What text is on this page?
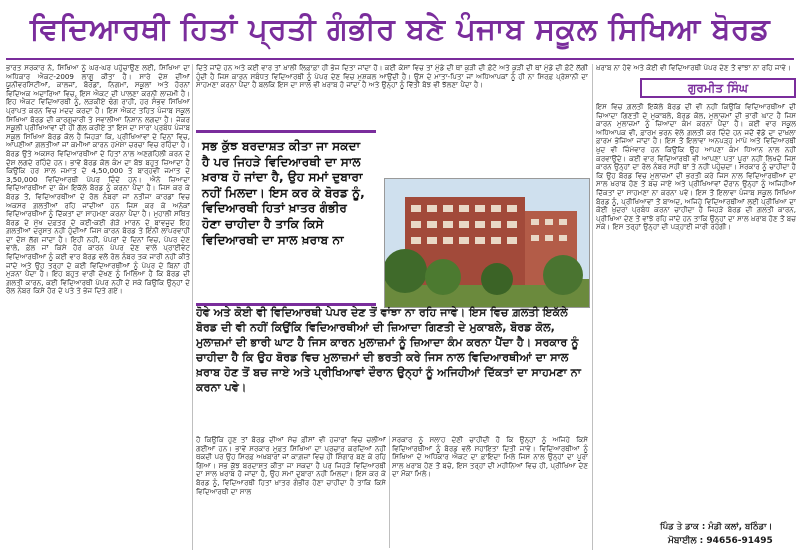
ਵਿਦਿਆਰਥੀ ਹਿਤਾਂ ਪ੍ਰਤੀ ਗੰਭੀਰ ਬਣੇ ਪੰਜਾਬ ਸਕੂਲ ਸਿਖਿਆ ਬੋਰਡ
ਭਾਰਤ ਸਰਕਾਰ ਨੇ, ਸਿਖਿਆ ਨੂੰ ਘਰ-ਘਰ ਪਹੁੰਚਾਉਣ ਲਈ, ਸਿਖਿਆ ਦਾ ਅਧਿਕਾਰ ਐਕਟ-2009 ਲਾਗੂ ਕੀਤਾ ਹੈ। ਸਾਰੇ ਦੇਸ਼ ਦੀਆਂ ਯੂਨੀਵਰਸਿਟੀਆਂ, ਕਾਲਜਾਂ, ਬੋਰਡਾਂ, ਨਿਗਮਾਂ, ਸਕੂਲਾਂ ਅਤੇ ਹੋਰਨਾਂ ਵਿਦਿਅਕ ਅਦਾਰਿਆਂ ਵਿਚ, ਇਸ ਐਕਟ ਦੀ ਪਾਲਣਾ ਕਰਨੀ ਲਾਜ਼ਮੀ ਹੈ। ਇਹ ਐਕਟ ਵਿਦਿਆਰਥੀ ਨੂੰ, ਲੜਕੀਏ ਢੰਗ ਰਾਹੀਂ, ਹਰ ਸੰਭਵ ਸਿਖਿਆ ਪ੍ਰਾਪਤ ਕਰਨ ਵਿਚ ਮਦਦ ਕਰਦਾ ਹੈ। ਇਸ ਐਕਟ ਤਹਿਤ ਪੰਜਾਬ ਸਕੂਲ ਸਿਖਿਆ ਬੋਰਡ ਦੀ ਕਾਰਗੁਜ਼ਾਰੀ ਤੇ ਸਵਾਲੀਆ ਨਿਸ਼ਾਨ ਲਗਦਾ ਹੈ। ਜੇਕਰ ਸਕੂਲੀ ਪ੍ਰੀਖਿਆਵਾਂ ਦੀ ਹੀ ਗੱਲ ਕਰੀਏ ਤਾਂ ਇਸ ਦਾ ਸਾਰਾ ਪ੍ਰਬੰਧ ਪੰਜਾਬ ਸਕੂਲ ਸਿਖਿਆ ਬੋਰਡ ਕੋਲ ਹੈ ਜਿਹੜਾ ਕਿ, ਪ੍ਰੀਖਿਆਵਾਂ ਦੇ ਦਿਨਾਂ ਵਿਚ, ਆਪਣੀਆਂ ਗ਼ਲਤੀਆਂ ਜਾਂ ਕਮੀਆਂ ਕਾਰਨ ਹਮੇਸ਼ਾ ਚਰਚਾ ਵਿਚ ਰਹਿੰਦਾ ਹੈ। ਬੋਰਡ ਉਤੇ ਅਕਸਰ ਵਿਦਿਆਰਥੀਆਂ ਦੇ ਹਿਤਾਂ ਨਾਲ ਅਣਗਹਿਲੀ ਕਰਨ ਦੇ ਦੋਸ਼ ਲਗਦੇ ਰਹਿੰਦੇ ਹਨ। ਭਾਵੇਂ ਬੋਰਡ ਕੋਲ ਕੰਮ ਦਾ ਬੋਝ ਬਹੁਤ ਜ਼ਿਆਦਾ ਹੈ ਕਿਉਂਕਿ ਹਰ ਸਾਲ ਜਮਾਤ ਦੇ 4,50,000 ਤੇ ਬਾਰ੍ਹਵੀਂ ਜਮਾਤ ਦੇ 3,50,000 ਵਿਦਿਆਰਥੀ ਪੇਪਰ ਦਿੰਦੇ ਹਨ। ਐਨੇ ਜ਼ਿਆਦਾ ਵਿਦਿਆਰਥੀਆਂ ਦਾ ਕੰਮ ਇਕੱਲੇ ਬੋਰਡ ਨੂੰ ਕਰਨਾ ਪੈਂਦਾ ਹੈ। ਜਿਸ ਕਰ ਕੇ ਬੋਰਡ ਤੋਂ, ਵਿਦਿਆਰਥੀਆਂ ਦੇ ਰੋਲ ਨੰਬਰਾਂ ਜਾਂ ਨਤੀਜਾ ਕਾਰਡਾਂ ਵਿਚ ਅਕਸਰ ਗ਼ਲਤੀਆਂ ਰਹਿ ਜਾਂਦੀਆਂ ਹਨ ਜਿਸ ਕਰ ਕੇ ਅਨੇਕਾਂ ਵਿਦਿਆਰਥੀਆਂ ਨੂੰ ਦਿੱਕਤਾਂ ਦਾ ਸਾਹਮਣਾ ਕਰਨਾ ਪੈਂਦਾ ਹੈ। ਮੁਹਾਲੀ ਸਥਿਤ ਬੋਰਡ ਦੇ ਮੁੱਖ ਦਫ਼ਤਰ ਦੇ ਕਈ-ਕਈ ਗੇੜੇ ਮਾਰਨ ਦੇ ਬਾਵਜੂਦ ਇਹ ਗ਼ਲਤੀਆਂ ਦਰੁਸਤ ਨਹੀਂ ਹੁੰਦੀਆਂ ਜਿਸ ਕਾਰਨ ਬੋਰਡ ਤੇ ਇੰਨੀ ਲਾਪਰਵਾਹੀ ਦਾ ਦੋਸ਼ ਲੱਗ ਜਾਂਦਾ ਹੈ। ਇਹੀ ਨਹੀਂ, ਪੇਪਰਾਂ ਦੇ ਦਿਨਾਂ ਵਿਚ, ਪੇਪਰ ਦੇਣ ਵਾਲੇ, ਫ਼ੇਲ ਜਾਂ ਕਿਸੇ ਹੋਰ ਕਾਰਨ ਪੇਪਰ ਦੇਣ ਵਾਲੇ ਪ੍ਰਾਈਵੇਟ ਵਿਦਿਆਰਥੀਆਂ ਨੂੰ ਕਈ ਵਾਰ ਬੋਰਡ ਵਲੋਂ ਰੋਲ ਨੰਬਰ ਤਕ ਜਾਰੀ ਨਹੀਂ ਕੀਤੇ ਜਾਂਦੇ ਅਤੇ ਉਹ ਤਰ੍ਹਾਂ ਦੇ ਕਈ ਵਿਦਿਆਰਥੀਆਂ ਨੂੰ ਪੇਪਰ ਦੇ ਬਿਨਾਂ ਹੀ ਮੁੜਨਾ ਪੈਂਦਾ ਹੈ। ਇਹ ਬਹੁਤ ਵਾਰੀ ਦੇਖਣ ਨੂੰ ਮਿਲਿਆ ਹੈ ਕਿ ਬੋਰਡ ਦੀ ਗ਼ਲਤੀ ਕਾਰਨ, ਕਈ ਵਿਦਿਆਰਥੀ ਪੇਪਰ ਨਹੀਂ ਦੇ ਸਕੇ ਕਿਉਂਕਿ ਉਨ੍ਹਾਂ ਦੇ ਰੋਲ ਨੰਬਰ ਕਿਸੇ ਹੋਰ ਦੇ ਪਤੇ ਤੇ ਭੇਜ ਦਿਤੇ ਗਏ।
ਦਿਤੇ ਜਾਂਦੇ ਹਨ ਅਤੇ ਕਈ ਵਾਰ ਤਾਂ ਖ਼ਾਲੀ ਲਿਫ਼ਾਫ਼ਾ ਹੀ ਭੇਜ ਦਿਤਾ ਜਾਂਦਾ ਹੈ। ਕਈ ਕੇਸਾਂ ਵਿਚ ਤਾਂ ਮੁੰਡੇ ਦੀ ਥਾਂ ਕੁੜੀ ਦੀ ਫ਼ੋਟੋ ਅਤੇ ਕੁੜੀ ਦੀ ਥਾਂ ਮੁੰਡੇ ਦੀ ਫ਼ੋਟੋ ਲੱਗੀ ਹੁੰਦੀ ਹੈ ਜਿਸ ਕਾਰਨ ਸਬੰਧਤ ਵਿਦਿਆਰਥੀ ਨੂੰ ਪੇਪਰ ਦੇਣ ਵਿਚ ਮੁਸ਼ਕਲ ਆਉਂਦੀ ਹੈ। ਉਸ ਦੇ ਮਾਤਾ-ਪਿਤਾ ਜਾਂ ਅਧਿਆਪਕਾਂ ਨੂੰ ਹੀ ਨਾ ਸਿਰਫ਼ ਪ੍ਰੇਸ਼ਾਨੀ ਦਾ ਸਾਹਮਣਾ ਕਰਨਾ ਪੈਂਦਾ ਹੈ ਬਲਕਿ ਇਸ ਦਾ ਸਾਲ ਵੀ ਖ਼ਰਾਬ ਹੋ ਜਾਂਦਾ ਹੈ ਅਤੇ ਉਨ੍ਹਾਂ ਨੂੰ ਵਿੱਤੀ ਬੋਝ ਵੀ ਝੱਲਣਾ ਪੈਂਦਾ ਹੈ।
ਖ਼ਰਾਬ ਨਾ ਹੋਵੇ ਅਤੇ ਕੋਈ ਵੀ ਵਿਦਿਆਰਥੀ ਪੇਪਰ ਦੇਣ ਤੋਂ ਵਾਂਝਾ ਨਾ ਰਹਿ ਜਾਵੇ।
ਗੁਰਮੀਤ ਸਿੰਘ
ਇਸ ਵਿਚ ਗ਼ਲਤੀ ਇਕੱਲੇ ਬੋਰਡ ਦੀ ਵੀ ਨਹੀਂ ਕਿਉਂਕਿ ਵਿਦਿਆਰਥੀਆਂ ਦੀ ਜ਼ਿਆਦਾ ਗਿਣਤੀ ਦੇ ਮੁਕਾਬਲੇ, ਬੋਰਡ ਕੋਲ, ਮੁਲਾਜ਼ਮਾਂ ਦੀ ਭਾਰੀ ਘਾਟ ਹੈ ਜਿਸ ਕਾਰਨ ਮੁਲਾਜ਼ਮਾਂ ਨੂੰ ਜ਼ਿਆਦਾ ਕੰਮ ਕਰਨਾ ਪੈਂਦਾ ਹੈ। ਕਈ ਵਾਰ ਸਕੂਲ ਅਧਿਆਪਕ ਵੀ, ਫ਼ਾਰਮ ਭਰਨ ਵੇਲੇ ਗ਼ਲਤੀ ਕਰ ਦਿੰਦੇ ਹਨ ਜਦੋਂ ਵੱਡੇ ਦਾ ਦਾਖ਼ਲਾ ਫ਼ਾਰਮ ਭੇਜਿਆ ਜਾਂਦਾ ਹੈ। ਇਸ ਤੋਂ ਇਲਾਵਾ ਅਨਪੜ੍ਹ ਮਾਪੇ ਅਤੇ ਵਿਦਿਆਰਥੀ ਖ਼ੁਦ ਵੀ ਜ਼ਿੰਮੇਵਾਰ ਹਨ ਕਿਉਂਕਿ ਉਹ ਆਪਣਾ ਕੰਮ ਧਿਆਨ ਨਾਲ ਨਹੀਂ ਕਰਵਾਉਂਦੇ। ਕਈ ਵਾਰ ਵਿਦਿਆਰਥੀ ਵੀ ਆਪਣਾ ਪਤਾ ਪੂਰਾ ਨਹੀਂ ਲਿਖਦੇ ਜਿਸ ਕਾਰਨ ਉਨ੍ਹਾਂ ਦਾ ਰੋਲ ਨੰਬਰ ਸਹੀ ਥਾਂ ਤੇ ਨਹੀਂ ਪਹੁੰਚਦਾ। ਸਰਕਾਰ ਨੂੰ ਚਾਹੀਦਾ ਹੈ ਕਿ ਉਹ ਬੋਰਡ ਵਿਚ ਮੁਲਾਜ਼ਮਾਂ ਦੀ ਭਰਤੀ ਕਰੇ ਜਿਸ ਨਾਲ ਵਿਦਿਆਰਥੀਆਂ ਦਾ ਸਾਲ ਖ਼ਰਾਬ ਹੋਣ ਤੋਂ ਬਚ ਜਾਏ ਅਤੇ ਪ੍ਰੀਖਿਆਵਾਂ ਦੌਰਾਨ ਉਨ੍ਹਾਂ ਨੂੰ ਅਜਿਹੀਆਂ ਦਿੱਕਤਾਂ ਦਾ ਸਾਹਮਣਾ ਨਾ ਕਰਨਾ ਪਵੇ। ਇਸ ਤੋਂ ਇਲਾਵਾ ਪੰਜਾਬ ਸਕੂਲ ਸਿਖਿਆ ਬੋਰਡ ਨੂੰ, ਪ੍ਰੀਖਿਆਵਾਂ ਤੋਂ ਬਾਅਦ, ਅਜਿਹੇ ਵਿਦਿਆਰਥੀਆਂ ਲਈ ਪ੍ਰੀਖਿਆ ਦਾ ਕੋਈ ਖ਼ੁਦਰਾ ਪ੍ਰਬੰਧ ਕਰਨਾ ਚਾਹੀਦਾ ਹੈ ਜਿਹੜੇ ਬੋਰਡ ਦੀ ਗ਼ਲਤੀ ਕਾਰਨ, ਪ੍ਰੀਖਿਆ ਦੇਣ ਤੋਂ ਵਾਂਝੇ ਰਹਿ ਜਾਂਦੇ ਹਨ ਤਾਕਿ ਉਨ੍ਹਾਂ ਦਾ ਸਾਲ ਖ਼ਰਾਬ ਹੋਣ ਤੋਂ ਬਚ ਸਕੇ। ਇਸ ਤਰ੍ਹਾਂ ਉਨ੍ਹਾਂ ਦੀ ਪੜ੍ਹਾਈ ਜਾਰੀ ਰਹੇਗੀ।
ਸਭ ਕੁੱਝ ਬਰਦਾਸ਼ਤ ਕੀਤਾ ਜਾ ਸਕਦਾ ਹੈ ਪਰ ਜਿਹੜੇ ਵਿਦਿਆਰਥੀ ਦਾ ਸਾਲ ਖ਼ਰਾਬ ਹੋ ਜਾਂਦਾ ਹੈ, ਉਹ ਸਮਾਂ ਦੁਬਾਰਾ ਨਹੀਂ ਮਿਲਦਾ। ਇਸ ਕਰ ਕੇ ਬੋਰਡ ਨੂੰ, ਵਿਦਿਆਰਥੀ ਹਿਤਾਂ ਖ਼ਾਤਰ ਗੰਭੀਰ ਹੋਣਾ ਚਾਹੀਦਾ ਹੈ ਤਾਕਿ ਕਿਸੇ ਵਿਦਿਆਰਥੀ ਦਾ ਸਾਲ ਖ਼ਰਾਬ ਨਾ
ਹੋਵੇ ਅਤੇ ਕੋਈ ਵੀ ਵਿਦਿਆਰਥੀ ਪੇਪਰ ਦੇਣ ਤੋਂ ਵਾਂਝਾ ਨਾ ਰਹਿ ਜਾਵੇ। ਇਸ ਵਿਚ ਗ਼ਲਤੀ ਇਕੱਲੇ ਬੋਰਡ ਦੀ ਵੀ ਨਹੀਂ ਕਿਉਂਕਿ ਵਿਦਿਆਰਥੀਆਂ ਦੀ ਜ਼ਿਆਦਾ ਗਿਣਤੀ ਦੇ ਮੁਕਾਬਲੇ, ਬੋਰਡ ਕੋਲ, ਮੁਲਾਜ਼ਮਾਂ ਦੀ ਭਾਰੀ ਘਾਟ ਹੈ ਜਿਸ ਕਾਰਨ ਮੁਲਾਜ਼ਮਾਂ ਨੂੰ ਜ਼ਿਆਦਾ ਕੰਮ ਕਰਨਾ ਪੈਂਦਾ ਹੈ। ਸਰਕਾਰ ਨੂੰ ਚਾਹੀਦਾ ਹੈ ਕਿ ਉਹ ਬੋਰਡ ਵਿਚ ਮੁਲਾਜ਼ਮਾਂ ਦੀ ਭਰਤੀ ਕਰੇ ਜਿਸ ਨਾਲ ਵਿਦਿਆਰਥੀਆਂ ਦਾ ਸਾਲ ਖ਼ਰਾਬ ਹੋਣ ਤੋਂ ਬਚ ਜਾਏ ਅਤੇ ਪ੍ਰੀਖਿਆਵਾਂ ਦੌਰਾਨ ਉਨ੍ਹਾਂ ਨੂੰ ਅਜਿਹੀਆਂ ਦਿੱਕਤਾਂ ਦਾ ਸਾਹਮਣਾ ਨਾ ਕਰਨਾ ਪਵੇ।
ਹੈ ਕਿਉਂਕਿ ਹੁਣ ਤਾਂ ਬੋਰਡ ਦੀਆਂ ਸੰਚ ਫ਼ੀਸਾਂ ਵੀ ਹਜ਼ਾਰਾਂ ਵਿਚ ਚਲੀਆਂ ਗਈਆਂ ਹਨ। ਭਾਵੇਂ ਸਰਕਾਰ ਮੁਫ਼ਤ ਸਿਖਿਆ ਦਾ ਪ੍ਰਚਾਰ ਕਰਦਿਆਂ ਨਹੀਂ ਥਕਦੀ ਪਰ ਉਹ ਸਿਰਫ਼ ਅਖ਼ਬਾਰਾਂ ਜਾਂ ਕਾਗ਼ਜ਼ਾਂ ਵਿਚ ਹੀ ਸ਼ਿੰਗਾਰ ਬਣ ਕੇ ਰਹਿ ਗਿਆ। ਸਭ ਕੁੱਝ ਬਰਦਾਸ਼ਤ ਕੀਤਾ ਜਾ ਸਕਦਾ ਹੈ ਪਰ ਜਿਹੜੇ ਵਿਦਿਆਰਥੀ ਦਾ ਸਾਲ ਖ਼ਰਾਬ ਹੋ ਜਾਂਦਾ ਹੈ, ਉਹ ਸਮਾਂ ਦੁਬਾਰਾ ਨਹੀਂ ਮਿਲਦਾ। ਇਸ ਕਰ ਕੇ ਬੋਰਡ ਨੂੰ, ਵਿਦਿਆਰਥੀ ਹਿਤਾਂ ਖ਼ਾਤਰ ਗੰਭੀਰ ਹੋਣਾ ਚਾਹੀਦਾ ਹੈ ਤਾਕਿ ਕਿਸੇ ਵਿਦਿਆਰਥੀ ਦਾ ਸਾਲ
ਸਰਕਾਰ ਨੂੰ ਸਲਾਹ ਦੇਣੀ ਚਾਹੀਦੀ ਹੈ ਕਿ ਉਨ੍ਹਾਂ ਨੂੰ ਅਜਿਹੇ ਕਿਸੇ ਵਿਦਿਆਰਥੀਆਂ ਨੂੰ ਬੋਰਡ ਵਲੋਂ ਸਹਾਇਤਾ ਦਿਤੀ ਜਾਵੇ। ਵਿਦਿਆਰਥੀਆਂ ਨੂੰ ਸਿਖਿਆ ਦੇ ਅਧਿਕਾਰ ਐਕਟ ਦਾ ਫ਼ਾਇਦਾ ਮਿਲੇ ਜਿਸ ਨਾਲ ਉਨ੍ਹਾਂ ਦਾ ਪੂਰਾ ਸਾਲ ਖ਼ਰਾਬ ਹੋਣ ਤੋਂ ਬਚੇ, ਇਸ ਤਰ੍ਹਾਂ ਦੀ ਮਹੀਨਿਆਂ ਵਿਚ ਹੀ, ਪ੍ਰੀਖਿਆ ਦੇਣ ਦਾ ਮੌਕਾ ਮਿਲੇ।
ਪਿੰਡ ਤੇ ਡਾਕ : ਮੰਡੀ ਕਲਾਂ, ਬਠਿੰਡਾ।
ਮੋਬਾਈਲ : 94656-91495
